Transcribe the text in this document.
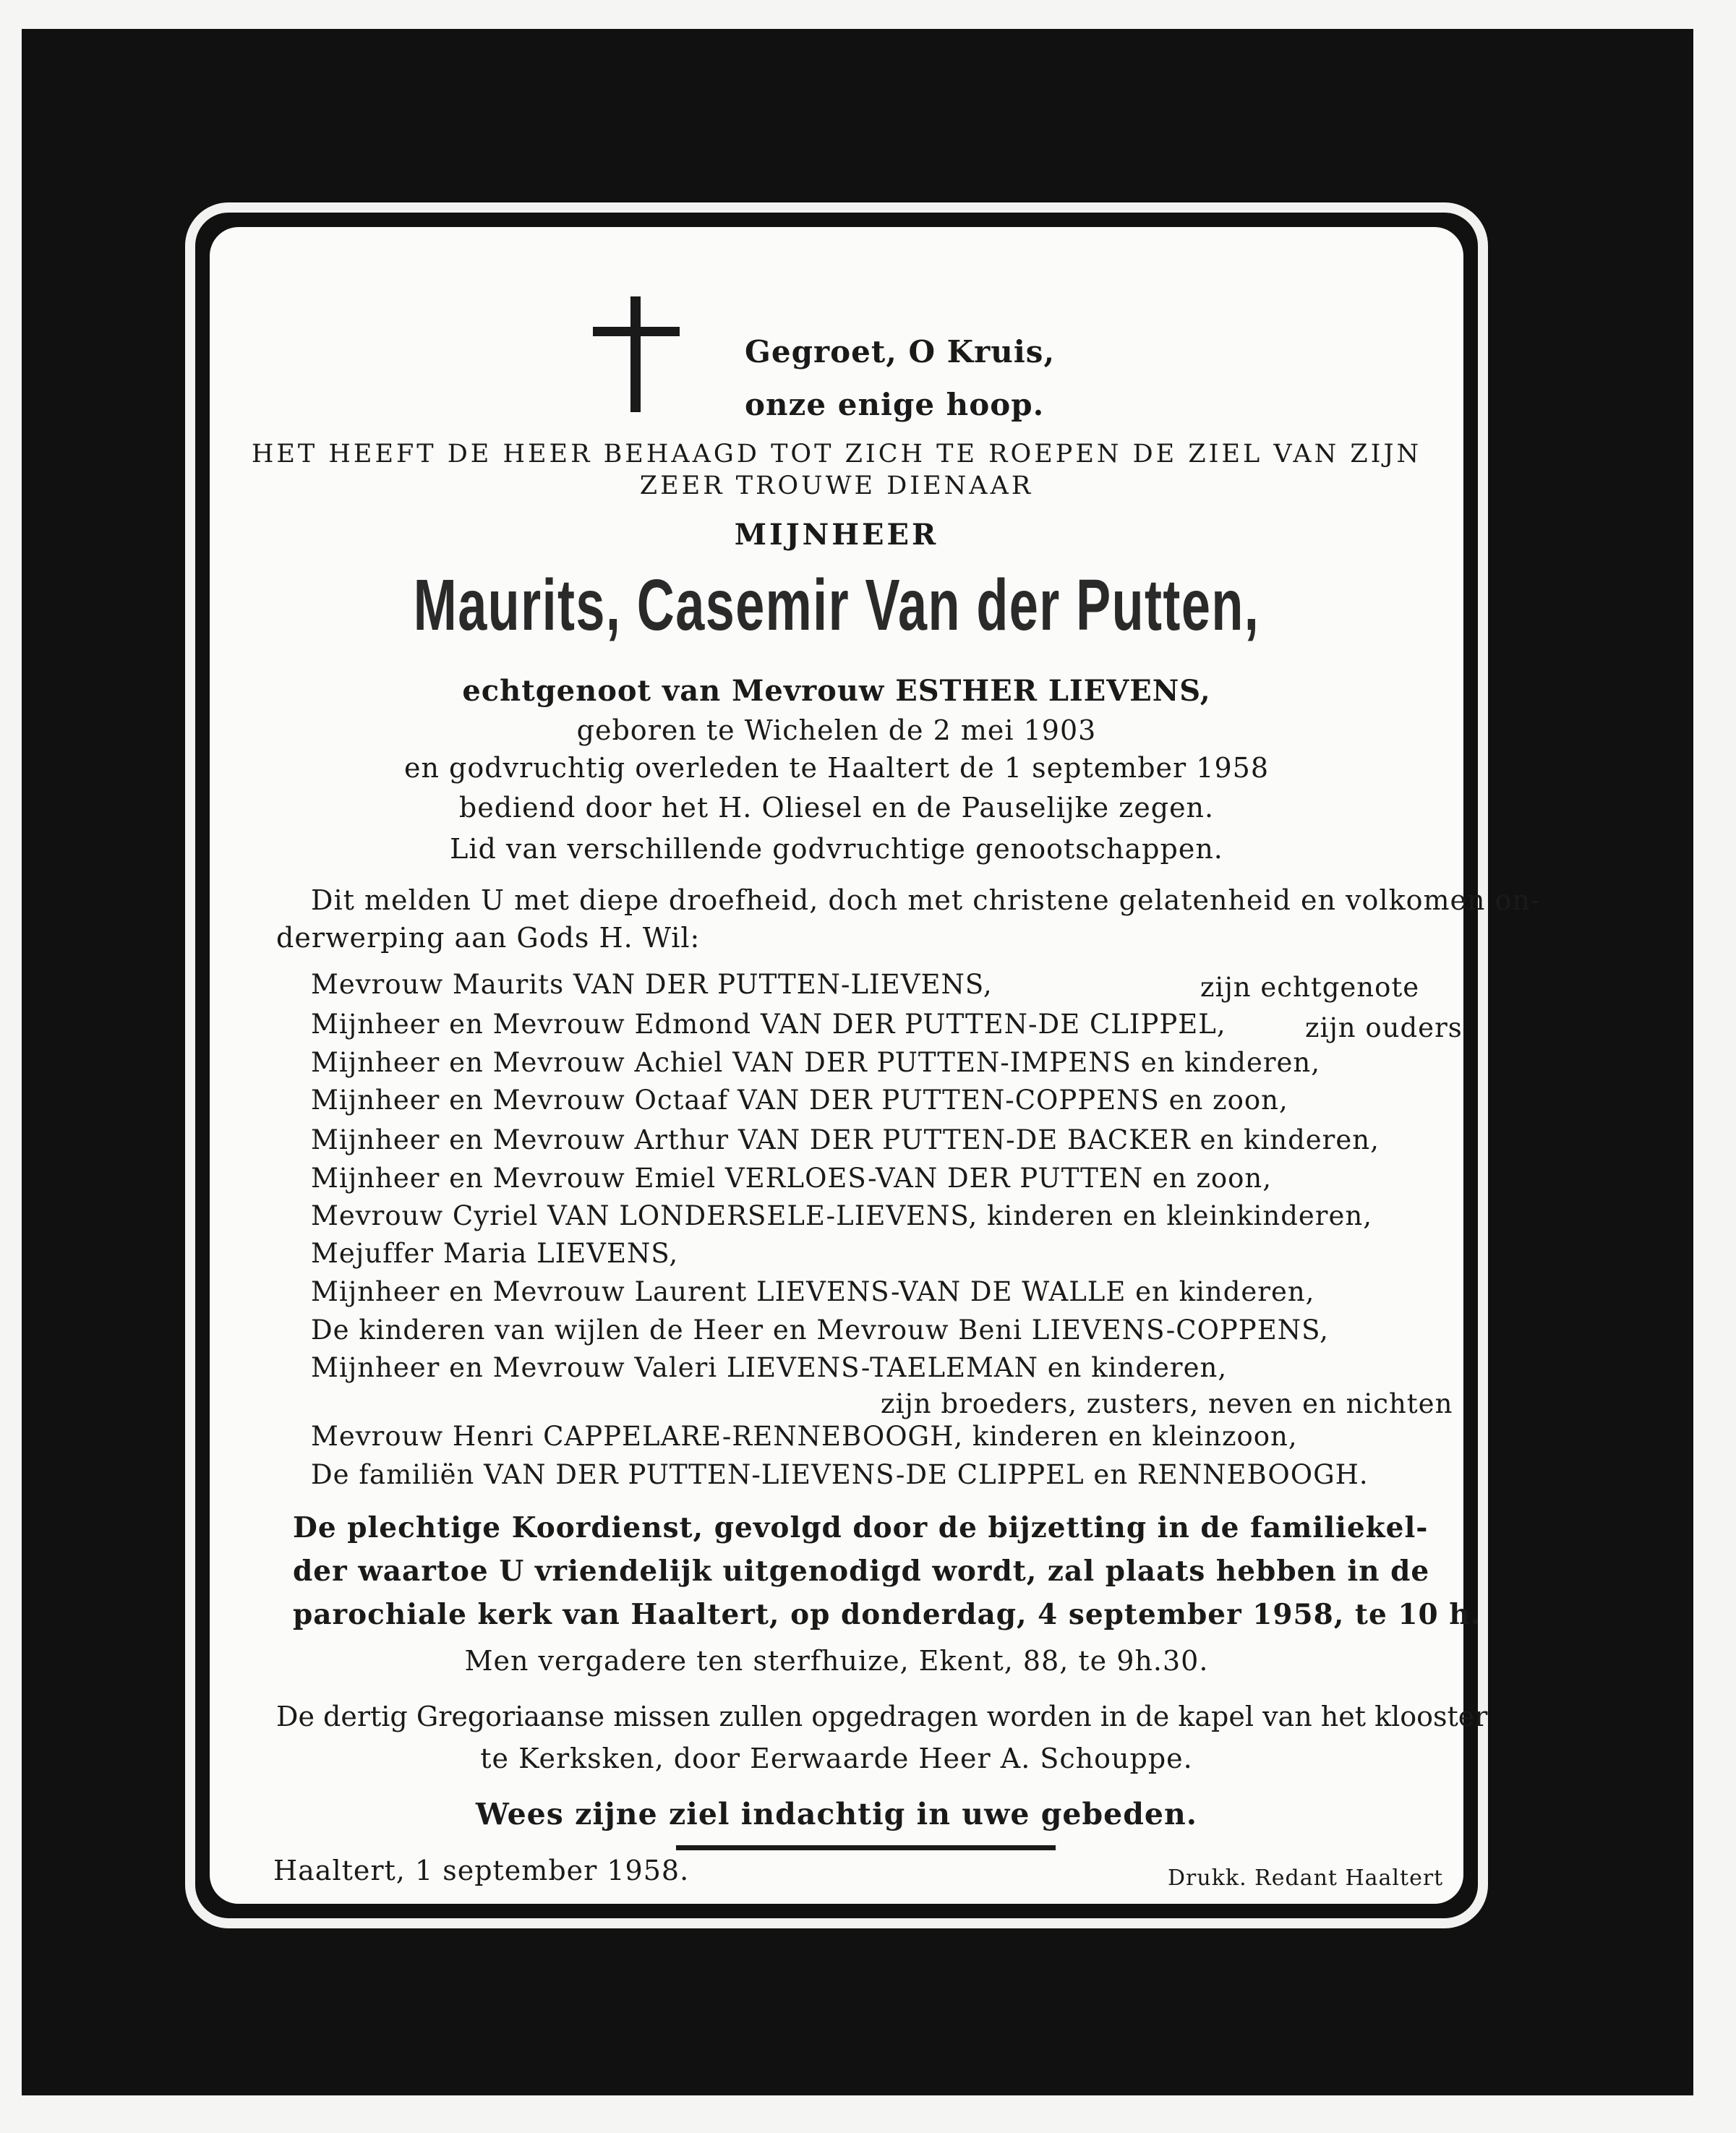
Gegroet, O Kruis,
onze enige hoop.
HET HEEFT DE HEER BEHAAGD TOT ZICH TE ROEPEN DE ZIEL VAN ZIJN
ZEER TROUWE DIENAAR
MIJNHEER
Maurits, Casemir Van der Putten,
echtgenoot van Mevrouw ESTHER LIEVENS,
geboren te Wichelen de 2 mei 1903
en godvruchtig overleden te Haaltert de 1 september 1958
bediend door het H. Oliesel en de Pauselijke zegen.
Lid van verschillende godvruchtige genootschappen.
Dit melden U met diepe droefheid, doch met christene gelatenheid en volkomen on-
derwerping aan Gods H. Wil:
Mevrouw Maurits VAN DER PUTTEN-LIEVENS,	zijn echtgenote
Mijnheer en Mevrouw Edmond VAN DER PUTTEN-DE CLIPPEL,	zijn ouders
Mijnheer en Mevrouw Achiel VAN DER PUTTEN-IMPENS en kinderen,
Mijnheer en Mevrouw Octaaf VAN DER PUTTEN-COPPENS en zoon,
Mijnheer en Mevrouw Arthur VAN DER PUTTEN-DE BACKER en kinderen,
Mijnheer en Mevrouw Emiel VERLOES-VAN DER PUTTEN en zoon,
Mevrouw Cyriel VAN LONDERSELE-LIEVENS, kinderen en kleinkinderen,
Mejuffer Maria LIEVENS,
Mijnheer en Mevrouw Laurent LIEVENS-VAN DE WALLE en kinderen,
De kinderen van wijlen de Heer en Mevrouw Beni LIEVENS-COPPENS,
Mijnheer en Mevrouw Valeri LIEVENS-TAELEMAN en kinderen,
zijn broeders, zusters, neven en nichten
Mevrouw Henri CAPPELARE-RENNEBOOGH, kinderen en kleinzoon,
De familiën VAN DER PUTTEN-LIEVENS-DE CLIPPEL en RENNEBOOGH.
De plechtige Koordienst, gevolgd door de bijzetting in de familiekel-
der waartoe U vriendelijk uitgenodigd wordt, zal plaats hebben in de
parochiale kerk van Haaltert, op donderdag, 4 september 1958, te 10 h.
Men vergadere ten sterfhuize, Ekent, 88, te 9h.30.
De dertig Gregoriaanse missen zullen opgedragen worden in de kapel van het klooster
te Kerksken, door Eerwaarde Heer A. Schouppe.
Wees zijne ziel indachtig in uwe gebeden.
Haaltert, 1 september 1958.	Drukk. Redant Haaltert
